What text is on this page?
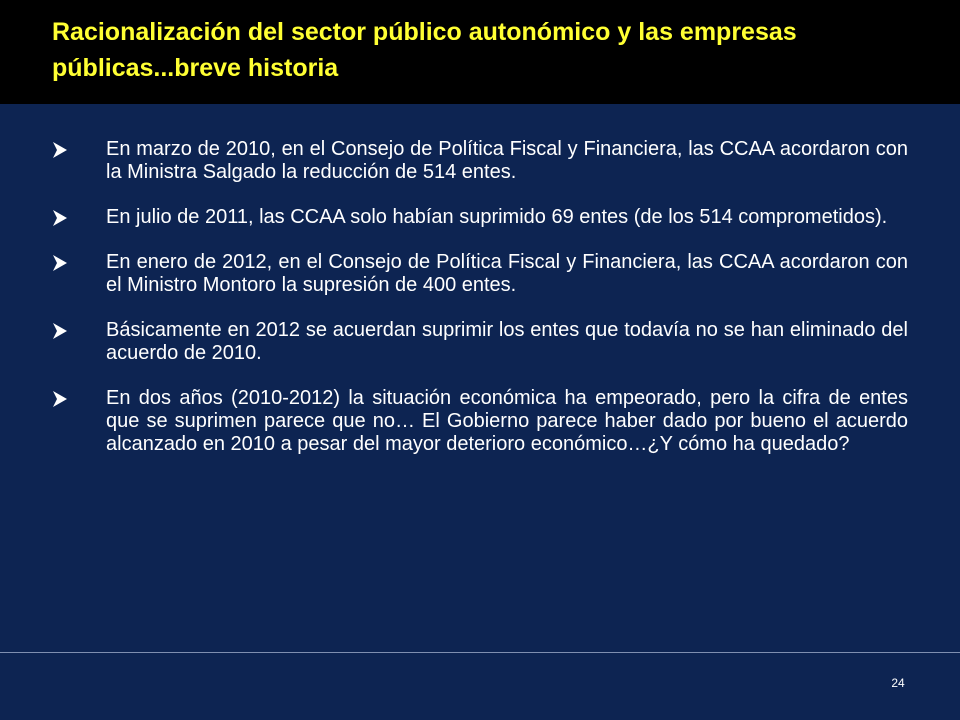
Racionalización del sector público autonómico y las empresas públicas...breve historia
En marzo de 2010, en el Consejo de Política Fiscal y Financiera, las CCAA acordaron con la Ministra Salgado la reducción de 514 entes.
En julio de 2011, las CCAA solo habían suprimido 69 entes (de los 514 comprometidos).
En enero de 2012, en el Consejo de Política Fiscal y Financiera, las CCAA acordaron con el Ministro Montoro la supresión de 400 entes.
Básicamente en 2012 se acuerdan suprimir los entes que todavía no se han eliminado del acuerdo de 2010.
En dos años (2010-2012) la situación económica ha empeorado, pero la cifra de entes que se suprimen parece que no… El Gobierno parece haber dado por bueno el acuerdo alcanzado en 2010 a pesar del mayor deterioro económico…¿Y cómo ha quedado?
24
